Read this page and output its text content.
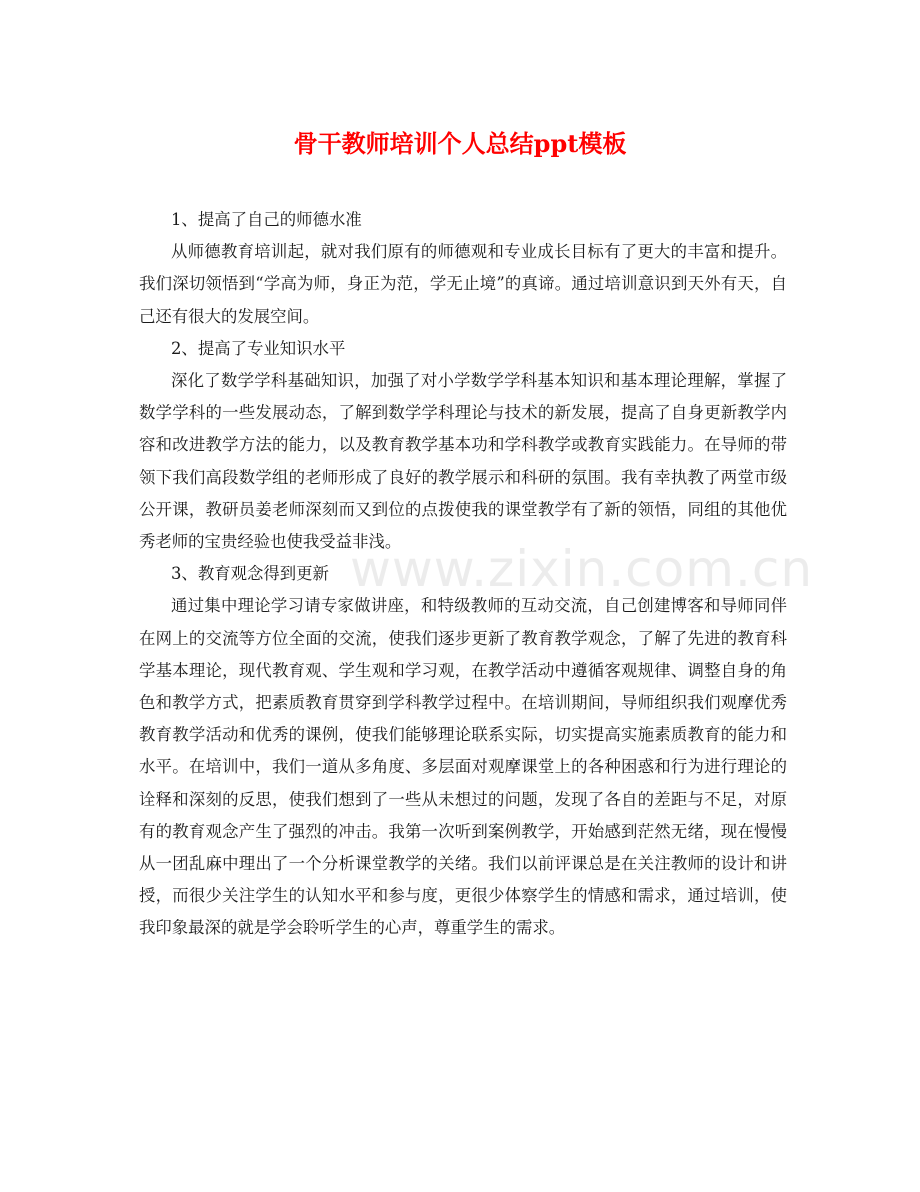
骨干教师培训个人总结ppt模板

1、提高了自己的师德水准

从师德教育培训起，就对我们原有的师德观和专业成长目标有了更大的丰富和提升。我们深切领悟到“学高为师，身正为范，学无止境”的真谛。通过培训意识到天外有天，自己还有很大的发展空间。

2、提高了专业知识水平

深化了数学学科基础知识，加强了对小学数学学科基本知识和基本理论理解，掌握了数学学科的一些发展动态，了解到数学学科理论与技术的新发展，提高了自身更新教学内容和改进教学方法的能力，以及教育教学基本功和学科教学或教育实践能力。在导师的带领下我们高段数学组的老师形成了良好的教学展示和科研的氛围。我有幸执教了两堂市级公开课，教研员姜老师深刻而又到位的点拨使我的课堂教学有了新的领悟，同组的其他优秀老师的宝贵经验也使我受益非浅。

3、教育观念得到更新

通过集中理论学习请专家做讲座，和特级教师的互动交流，自己创建博客和导师同伴在网上的交流等方位全面的交流，使我们逐步更新了教育教学观念，了解了先进的教育科学基本理论，现代教育观、学生观和学习观，在教学活动中遵循客观规律、调整自身的角色和教学方式，把素质教育贯穿到学科教学过程中。在培训期间，导师组织我们观摩优秀教育教学活动和优秀的课例，使我们能够理论联系实际，切实提高实施素质教育的能力和水平。在培训中，我们一道从多角度、多层面对观摩课堂上的各种困惑和行为进行理论的诠释和深刻的反思，使我们想到了一些从未想过的问题，发现了各自的差距与不足，对原有的教育观念产生了强烈的冲击。我第一次听到案例教学，开始感到茫然无绪，现在慢慢从一团乱麻中理出了一个分析课堂教学的关绪。我们以前评课总是在关注教师的设计和讲授，而很少关注学生的认知水平和参与度，更很少体察学生的情感和需求，通过培训，使我印象最深的就是学会聆听学生的心声，尊重学生的需求。

www.zixin.com.cn
